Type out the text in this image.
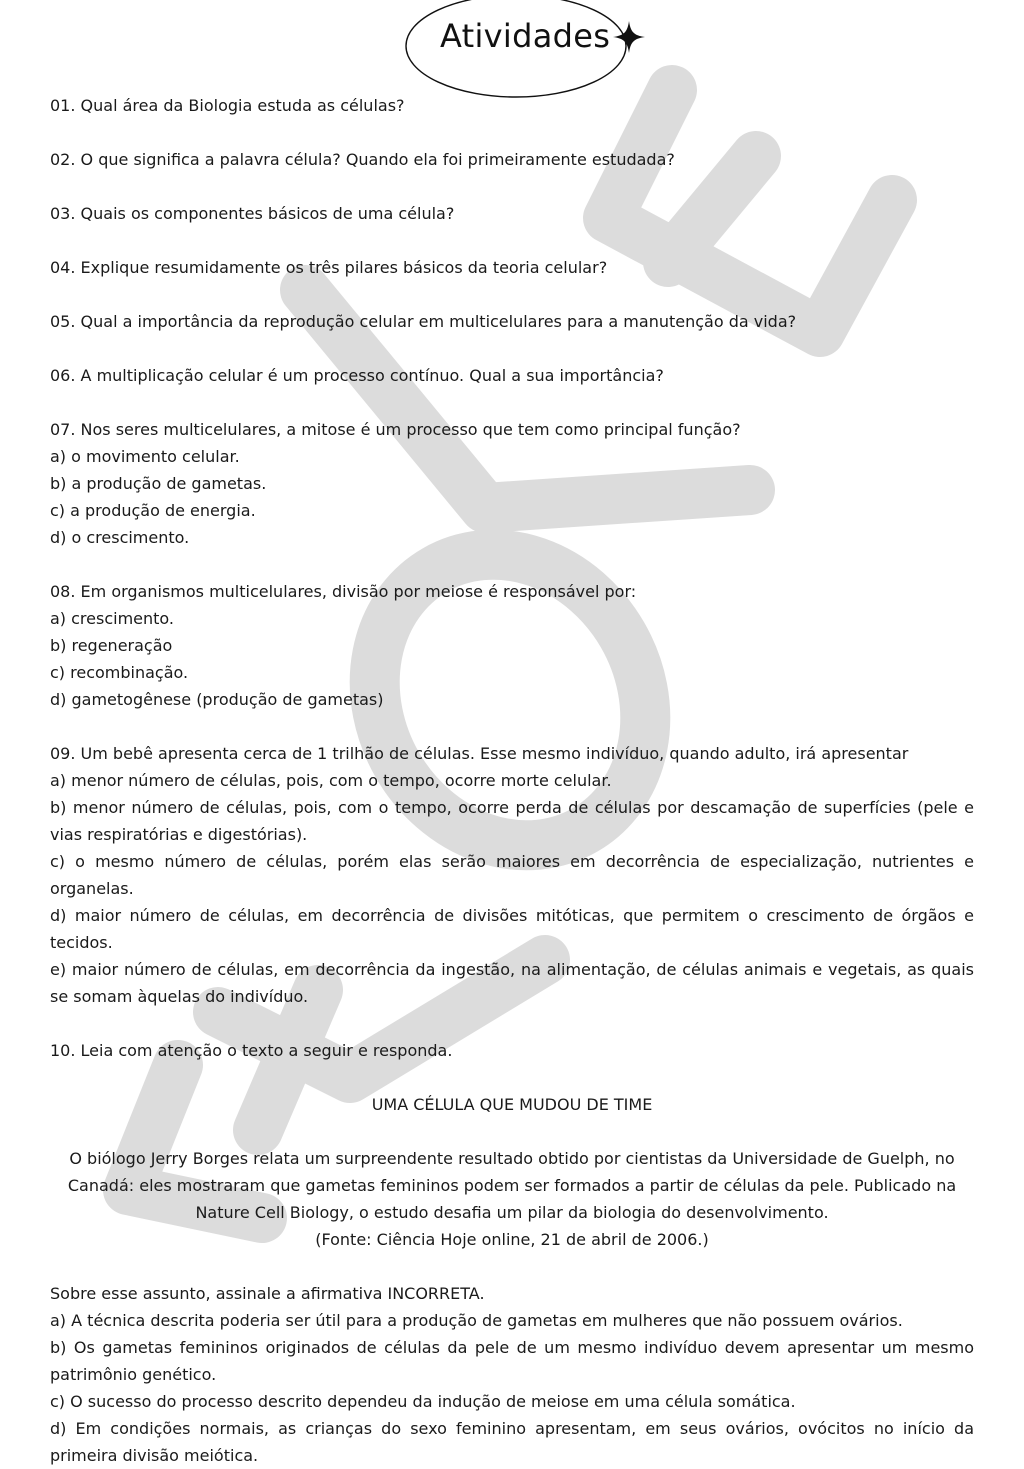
Atividades

01. Qual área da Biologia estuda as células?

02. O que significa a palavra célula? Quando ela foi primeiramente estudada?

03. Quais os componentes básicos de uma célula?

04. Explique resumidamente os três pilares básicos da teoria celular?

05. Qual a importância da reprodução celular em multicelulares para a manutenção da vida?

06. A multiplicação celular é um processo contínuo. Qual a sua importância?

07. Nos seres multicelulares, a mitose é um processo que tem como principal função?

a) o movimento celular.

b) a produção de gametas.

c) a produção de energia.

d) o crescimento.

08. Em organismos multicelulares, divisão por meiose é responsável por:

a) crescimento.

b) regeneração

c) recombinação.

d) gametogênese (produção de gametas)

09. Um bebê apresenta cerca de 1 trilhão de células. Esse mesmo indivíduo, quando adulto, irá apresentar

a) menor número de células, pois, com o tempo, ocorre morte celular.

b) menor número de células, pois, com o tempo, ocorre perda de células por descamação de superfícies (pele e vias respiratórias e digestórias).

c) o mesmo número de células, porém elas serão maiores em decorrência de especialização, nutrientes e organelas.

d) maior número de células, em decorrência de divisões mitóticas, que permitem o crescimento de órgãos e tecidos.

e) maior número de células, em decorrência da ingestão, na alimentação, de células animais e vegetais, as quais se somam àquelas do indivíduo.

10. Leia com atenção o texto a seguir e responda.

UMA CÉLULA QUE MUDOU DE TIME

O biólogo Jerry Borges relata um surpreendente resultado obtido por cientistas da Universidade de Guelph, no Canadá: eles mostraram que gametas femininos podem ser formados a partir de células da pele. Publicado na Nature Cell Biology, o estudo desafia um pilar da biologia do desenvolvimento.

(Fonte: Ciência Hoje online, 21 de abril de 2006.)

Sobre esse assunto, assinale a afirmativa INCORRETA.

a) A técnica descrita poderia ser útil para a produção de gametas em mulheres que não possuem ovários.

b) Os gametas femininos originados de células da pele de um mesmo indivíduo devem apresentar um mesmo patrimônio genético.

c) O sucesso do processo descrito dependeu da indução de meiose em uma célula somática.

d) Em condições normais, as crianças do sexo feminino apresentam, em seus ovários, ovócitos no início da primeira divisão meiótica.
